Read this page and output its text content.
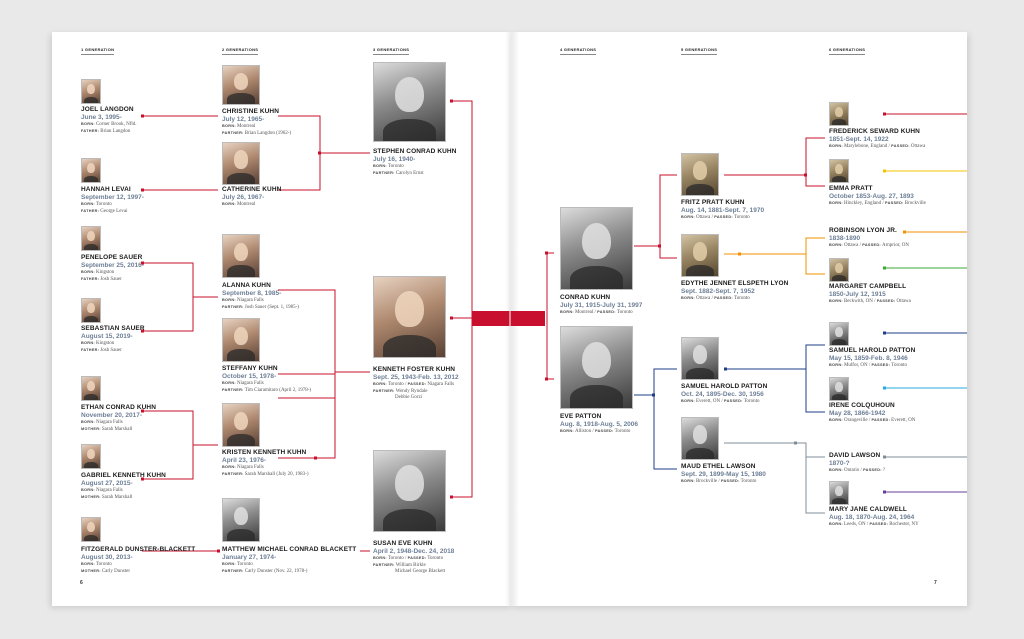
1 GENERATION	2 GENERATIONS	3 GENERATIONS	4 GENERATIONS	5 GENERATIONS	6 GENERATIONS
JOEL LANGDON
June 3, 1995-
BORN:Corner Brook, Nfld.
FATHER:Brian Langdon
HANNAH LEVAI
September 12, 1997-
BORN:Toronto
FATHER:George Levai
PENELOPE SAUER
September 25, 2016-
BORN:Kingston
FATHER:Josh Sauer
SEBASTIAN SAUER
August 15, 2019-
BORN:Kingston
FATHER:Josh Sauer
ETHAN CONRAD KUHN
November 20, 2017-
BORN:Niagara Falls
MOTHER:Sarah Marshall
GABRIEL KENNETH KUHN
August 27, 2015-
BORN:Niagara Falls
MOTHER:Sarah Marshall
FITZGERALD DUNSTER-BLACKETT
August 30, 2013-
BORN:Toronto
MOTHER:Carly Dunster
CHRISTINE KUHN
July 12, 1965-
BORN:Montreal
PARTNER:Brian Langdon (1962-)
CATHERINE KUHN
July 26, 1967-
BORN:Montreal
ALANNA KUHN
September 8, 1985-
BORN:Niagara Falls
PARTNER:Josh Sauer (Sept. 1, 1985-)
STEFFANY KUHN
October 15, 1978-
BORN:Niagara Falls
PARTNER:Tim Ciaramitaro (April 2, 1978-)
KRISTEN KENNETH KUHN
April 23, 1976-
BORN:Niagara Falls
PARTNER:Sarah Marshall (July 20, 1983-)
MATTHEW MICHAEL CONRAD BLACKETT
January 27, 1974-
BORN:Toronto
PARTNER:Carly Dunster (Nov. 22, 1978-)
STEPHEN CONRAD KUHN
July 16, 1940-
BORN:Toronto
PARTNER:Carolyn Ernst
KENNETH FOSTER KUHN
Sept. 25, 1943-Feb. 13, 2012
BORN:Toronto / PASSED:Niagara Falls
PARTNER:Wendy Ryndale
Debbie Gorzi
SUSAN EVE KUHN
April 2, 1948-Dec. 24, 2018
BORN:Toronto / PASSED:Toronto
PARTNER:William Birkle
Michael George Blackett
CONRAD KUHN
July 31, 1915-July 31, 1997
BORN:Montreal / PASSED:Toronto
EVE PATTON
Aug. 8, 1918-Aug. 5, 2006
BORN:Alliston / PASSED:Toronto
FRITZ PRATT KUHN
Aug. 14, 1881-Sept. 7, 1970
BORN:Ottawa / PASSED:Toronto
EDYTHE JENNET ELSPETH LYON
Sept. 1882-Sept. 7, 1952
BORN:Ottawa / PASSED:Toronto
SAMUEL HAROLD PATTON
Oct. 24, 1895-Dec. 30, 1956
BORN:Everett, ON / PASSED:Toronto
MAUD ETHEL LAWSON
Sept. 29, 1899-May 15, 1980
BORN:Brockville / PASSED:Toronto
FREDERICK SEWARD KUHN
1851-Sept. 14, 1922
BORN:Marylebone, England / PASSED:Ottawa
EMMA PRATT
October 1853-Aug. 27, 1893
BORN:Hinckley, England / PASSED:Brockville
ROBINSON LYON JR.
1838-1890
BORN:Ottawa / PASSED:Arnprior, ON
MARGARET CAMPBELL
1850-July 12, 1915
BORN:Beckwith, ON / PASSED:Ottawa
SAMUEL HAROLD PATTON
May 15, 1859-Feb. 8, 1946
BORN:Mulfor, ON / PASSED:Toronto
IRENE COLQUHOUN
May 28, 1866-1942
BORN:Orangeville / PASSED:Everett, ON
DAVID LAWSON
1870-?
BORN:Ontario / PASSED:?
MARY JANE CALDWELL
Aug. 18, 1870-Aug. 24, 1964
BORN:Leeds, ON / PASSED:Rochester, NY
6	7
